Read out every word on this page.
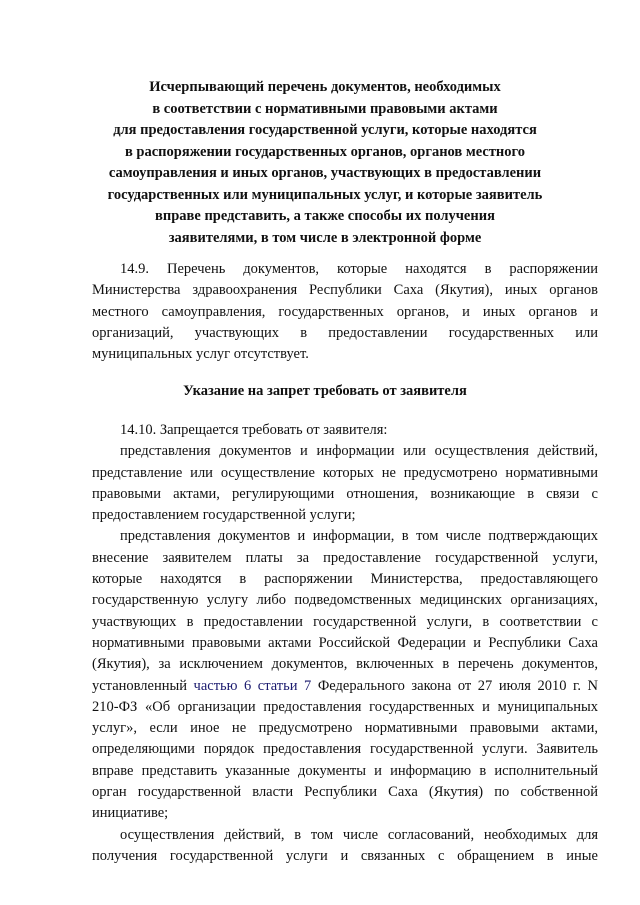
Исчерпывающий перечень документов, необходимых
в соответствии с нормативными правовыми актами
для предоставления государственной услуги, которые находятся
в распоряжении государственных органов, органов местного
самоуправления и иных органов, участвующих в предоставлении
государственных или муниципальных услуг, и которые заявитель
вправе представить, а также способы их получения
заявителями, в том числе в электронной форме
14.9. Перечень документов, которые находятся в распоряжении
Министерства здравоохранения Республики Саха (Якутия), иных органов
местного самоуправления, государственных органов, и иных органов и
организаций, участвующих в предоставлении государственных или
муниципальных услуг отсутствует.
Указание на запрет требовать от заявителя
14.10. Запрещается требовать от заявителя:
представления документов и информации или осуществления действий,
представление или осуществление которых не предусмотрено нормативными
правовыми актами, регулирующими отношения, возникающие в связи с
предоставлением государственной услуги;
представления документов и информации, в том числе подтверждающих
внесение заявителем платы за предоставление государственной услуги,
которые находятся в распоряжении Министерства, предоставляющего
государственную услугу либо подведомственных медицинских организациях,
участвующих в предоставлении государственной услуги, в соответствии с
нормативными правовыми актами Российской Федерации и Республики Саха
(Якутия), за исключением документов, включенных в перечень документов,
установленный частью 6 статьи 7 Федерального закона от 27 июля 2010 г. N
210-ФЗ «Об организации предоставления государственных и муниципальных
услуг», если иное не предусмотрено нормативными правовыми актами,
определяющими порядок предоставления государственной услуги. Заявитель
вправе представить указанные документы и информацию в исполнительный
орган государственной власти Республики Саха (Якутия) по собственной
инициативе;
осуществления действий, в том числе согласований, необходимых для
получения государственной услуги и связанных с обращением в иные
